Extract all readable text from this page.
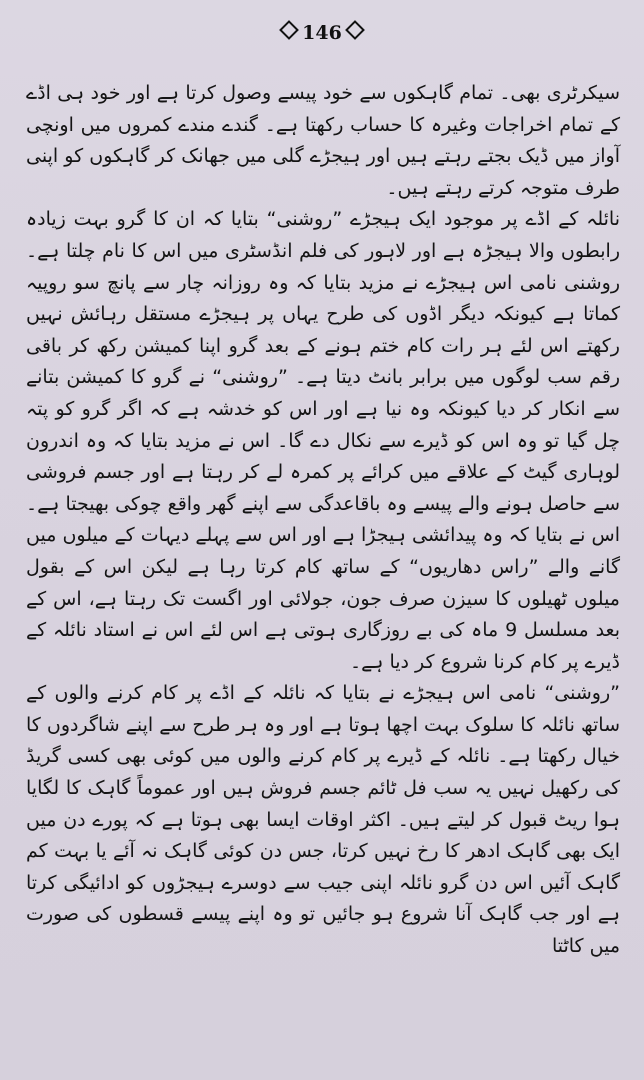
146

سیکرٹری بھی۔ تمام گاہکوں سے خود پیسے وصول کرتا ہے اور خود ہی اڈے کے تمام اخراجات وغیرہ کا حساب رکھتا ہے۔ گندے مندے کمروں میں اونچی آواز میں ڈیک بجتے رہتے ہیں اور ہیجڑے گلی میں جھانک کر گاہکوں کو اپنی طرف متوجہ کرتے رہتے ہیں۔

نائلہ کے اڈے پر موجود ایک ہیجڑے ”روشنی“ بتایا کہ ان کا گرو بہت زیادہ رابطوں والا ہیجڑہ ہے اور لاہور کی فلم انڈسٹری میں اس کا نام چلتا ہے۔ روشنی نامی اس ہیجڑے نے مزید بتایا کہ وہ روزانہ چار سے پانچ سو روپیہ کماتا ہے کیونکہ دیگر اڈوں کی طرح یہاں پر ہیجڑے مستقل رہائش نہیں رکھتے اس لئے ہر رات کام ختم ہونے کے بعد گرو اپنا کمیشن رکھ کر باقی رقم سب لوگوں میں برابر بانٹ دیتا ہے۔ ”روشنی“ نے گرو کا کمیشن بتانے سے انکار کر دیا کیونکہ وہ نیا ہے اور اس کو خدشہ ہے کہ اگر گرو کو پتہ چل گیا تو وہ اس کو ڈیرے سے نکال دے گا۔ اس نے مزید بتایا کہ وہ اندرون لوہاری گیٹ کے علاقے میں کرائے پر کمرہ لے کر رہتا ہے اور جسم فروشی سے حاصل ہونے والے پیسے وہ باقاعدگی سے اپنے گھر واقع چوکی بھیجتا ہے۔ اس نے بتایا کہ وہ پیدائشی ہیجڑا ہے اور اس سے پہلے دیہات کے میلوں میں گانے والے ”راس دھاریوں“ کے ساتھ کام کرتا رہا ہے لیکن اس کے بقول میلوں ٹھیلوں کا سیزن صرف جون، جولائی اور اگست تک رہتا ہے، اس کے بعد مسلسل 9 ماہ کی بے روزگاری ہوتی ہے اس لئے اس نے استاد نائلہ کے ڈیرے پر کام کرنا شروع کر دیا ہے۔

”روشنی“ نامی اس ہیجڑے نے بتایا کہ نائلہ کے اڈے پر کام کرنے والوں کے ساتھ نائلہ کا سلوک بہت اچھا ہوتا ہے اور وہ ہر طرح سے اپنے شاگردوں کا خیال رکھتا ہے۔ نائلہ کے ڈیرے پر کام کرنے والوں میں کوئی بھی کسی گریڈ کی رکھیل نہیں یہ سب فل ٹائم جسم فروش ہیں اور عموماً گاہک کا لگایا ہوا ریٹ قبول کر لیتے ہیں۔ اکثر اوقات ایسا بھی ہوتا ہے کہ پورے دن میں ایک بھی گاہک ادھر کا رخ نہیں کرتا، جس دن کوئی گاہک نہ آئے یا بہت کم گاہک آئیں اس دن گرو نائلہ اپنی جیب سے دوسرے ہیجڑوں کو ادائیگی کرتا ہے اور جب گاہک آنا شروع ہو جائیں تو وہ اپنے پیسے قسطوں کی صورت میں کاٹتا
